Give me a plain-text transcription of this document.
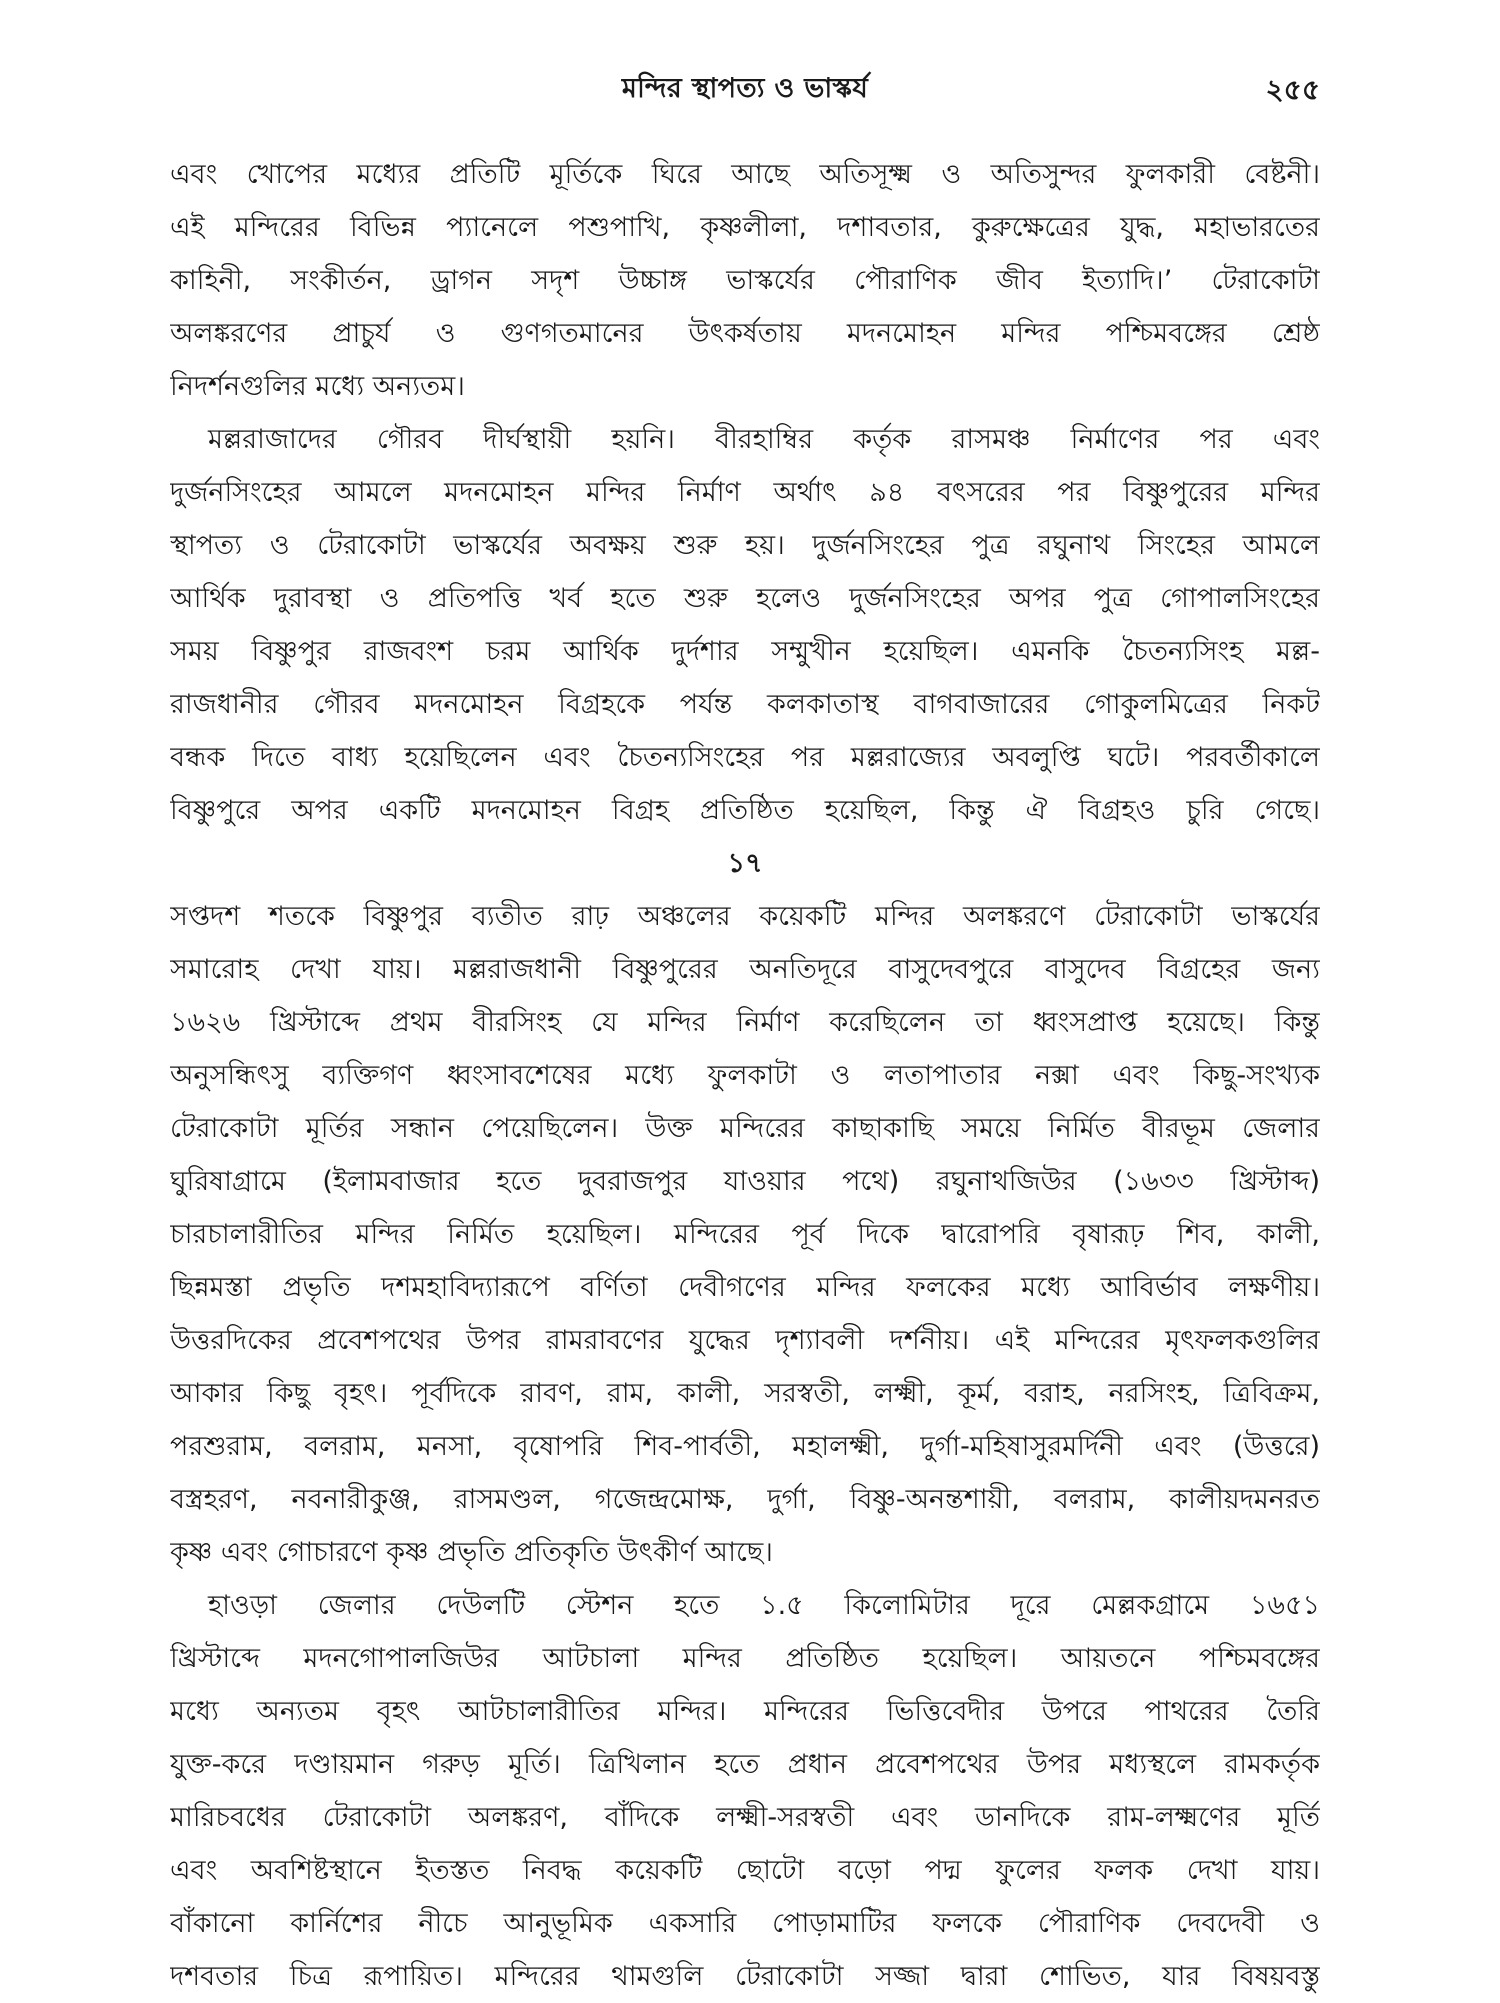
মন্দির স্থাপত্য ও ভাস্কর্য	২৫৫
এবং খোপের মধ্যের প্রতিটি মূর্তিকে ঘিরে আছে অতিসূক্ষ্ম ও অতিসুন্দর ফুলকারী বেষ্টনী।
এই মন্দিরের বিভিন্ন প্যানেলে পশুপাখি, কৃষ্ণলীলা, দশাবতার, কুরুক্ষেত্রের যুদ্ধ, মহাভারতের
কাহিনী, সংকীর্তন, ড্রাগন সদৃশ উচ্চাঙ্গ ভাস্কর্যের পৌরাণিক জীব ইত্যাদি।’ টেরাকোটা
অলঙ্করণের প্রাচুর্য ও গুণগতমানের উৎকর্ষতায় মদনমোহন মন্দির পশ্চিমবঙ্গের শ্রেষ্ঠ
নিদর্শনগুলির মধ্যে অন্যতম।
মল্লরাজাদের গৌরব দীর্ঘস্থায়ী হয়নি। বীরহাম্বির কর্তৃক রাসমঞ্চ নির্মাণের পর এবং
দুর্জনসিংহের আমলে মদনমোহন মন্দির নির্মাণ অর্থাৎ ৯৪ বৎসরের পর বিষ্ণুপুরের মন্দির
স্থাপত্য ও টেরাকোটা ভাস্কর্যের অবক্ষয় শুরু হয়। দুর্জনসিংহের পুত্র রঘুনাথ সিংহের আমলে
আর্থিক দুরাবস্থা ও প্রতিপত্তি খর্ব হতে শুরু হলেও দুর্জনসিংহের অপর পুত্র গোপালসিংহের
সময় বিষ্ণুপুর রাজবংশ চরম আর্থিক দুর্দশার সম্মুখীন হয়েছিল। এমনকি চৈতন্যসিংহ মল্ল-
রাজধানীর গৌরব মদনমোহন বিগ্রহকে পর্যন্ত কলকাতাস্থ বাগবাজারের গোকুলমিত্রের নিকট
বন্ধক দিতে বাধ্য হয়েছিলেন এবং চৈতন্যসিংহের পর মল্লরাজ্যের অবলুপ্তি ঘটে। পরবর্তীকালে
বিষ্ণুপুরে অপর একটি মদনমোহন বিগ্রহ প্রতিষ্ঠিত হয়েছিল, কিন্তু ঐ বিগ্রহও চুরি গেছে।
১৭
সপ্তদশ শতকে বিষ্ণুপুর ব্যতীত রাঢ় অঞ্চলের কয়েকটি মন্দির অলঙ্করণে টেরাকোটা ভাস্কর্যের
সমারোহ দেখা যায়। মল্লরাজধানী বিষ্ণুপুরের অনতিদূরে বাসুদেবপুরে বাসুদেব বিগ্রহের জন্য
১৬২৬ খ্রিস্টাব্দে প্রথম বীরসিংহ যে মন্দির নির্মাণ করেছিলেন তা ধ্বংসপ্রাপ্ত হয়েছে। কিন্তু
অনুসন্ধিৎসু ব্যক্তিগণ ধ্বংসাবশেষের মধ্যে ফুলকাটা ও লতাপাতার নক্সা এবং কিছু-সংখ্যক
টেরাকোটা মূর্তির সন্ধান পেয়েছিলেন। উক্ত মন্দিরের কাছাকাছি সময়ে নির্মিত বীরভূম জেলার
ঘুরিষাগ্রামে (ইলামবাজার হতে দুবরাজপুর যাওয়ার পথে) রঘুনাথজিউর (১৬৩৩ খ্রিস্টাব্দ)
চারচালারীতির মন্দির নির্মিত হয়েছিল। মন্দিরের পূর্ব দিকে দ্বারোপরি বৃষারূঢ় শিব, কালী,
ছিন্নমস্তা প্রভৃতি দশমহাবিদ্যারূপে বর্ণিতা দেবীগণের মন্দির ফলকের মধ্যে আবির্ভাব লক্ষণীয়।
উত্তরদিকের প্রবেশপথের উপর রামরাবণের যুদ্ধের দৃশ্যাবলী দর্শনীয়। এই মন্দিরের মৃৎফলকগুলির
আকার কিছু বৃহৎ। পূর্বদিকে রাবণ, রাম, কালী, সরস্বতী, লক্ষ্মী, কূর্ম, বরাহ, নরসিংহ, ত্রিবিক্রম,
পরশুরাম, বলরাম, মনসা, বৃষোপরি শিব-পার্বতী, মহালক্ষ্মী, দুর্গা-মহিষাসুরমর্দিনী এবং (উত্তরে)
বস্ত্রহরণ, নবনারীকুঞ্জ, রাসমণ্ডল, গজেন্দ্রমোক্ষ, দুর্গা, বিষ্ণু-অনন্তশায়ী, বলরাম, কালীয়দমনরত
কৃষ্ণ এবং গোচারণে কৃষ্ণ প্রভৃতি প্রতিকৃতি উৎকীর্ণ আছে।
হাওড়া জেলার দেউলটি স্টেশন হতে ১.৫ কিলোমিটার দূরে মেল্লকগ্রামে ১৬৫১
খ্রিস্টাব্দে মদনগোপালজিউর আটচালা মন্দির প্রতিষ্ঠিত হয়েছিল। আয়তনে পশ্চিমবঙ্গের
মধ্যে অন্যতম বৃহৎ আটচালারীতির মন্দির। মন্দিরের ভিত্তিবেদীর উপরে পাথরের তৈরি
যুক্ত-করে দণ্ডায়মান গরুড় মূর্তি। ত্রিখিলান হতে প্রধান প্রবেশপথের উপর মধ্যস্থলে রামকর্তৃক
মারিচবধের টেরাকোটা অলঙ্করণ, বাঁদিকে লক্ষ্মী-সরস্বতী এবং ডানদিকে রাম-লক্ষ্মণের মূর্তি
এবং অবশিষ্টস্থানে ইতস্তত নিবদ্ধ কয়েকটি ছোটো বড়ো পদ্ম ফুলের ফলক দেখা যায়।
বাঁকানো কার্নিশের নীচে আনুভূমিক একসারি পোড়ামাটির ফলকে পৌরাণিক দেবদেবী ও
দশবতার চিত্র রূপায়িত। মন্দিরের থামগুলি টেরাকোটা সজ্জা দ্বারা শোভিত, যার বিষয়বস্তু
